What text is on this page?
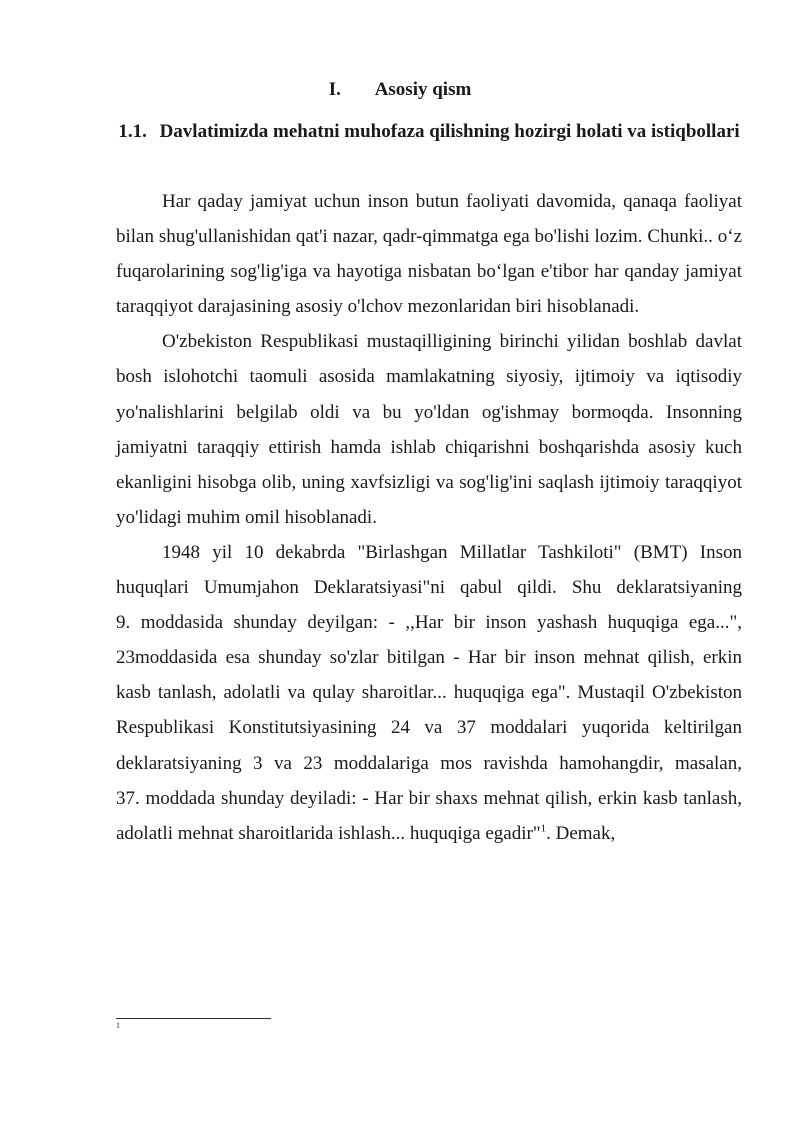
I. Asosiy qism
1.1. Davlatimizda mehatni muhofaza qilishning hozirgi holati va istiqbollari

Har qaday jamiyat uchun inson butun faoliyati davomida, qanaqa faoliyat bilan shug'ullanishidan qat'i nazar, qadr-qimmatga ega bo'lishi lozim. Chunki.. o‘z fuqarolarining sog'lig'iga va hayotiga nisbatan bo‘lgan e'tibor har qanday jamiyat taraqqiyot darajasining asosiy o'lchov mezonlaridan biri hisoblanadi.

O'zbekiston Respublikasi mustaqilligining birinchi yilidan boshlab davlat bosh islohotchi taomuli asosida mamlakatning siyosiy, ijtimoiy va iqtisodiy yo'nalishlarini belgilab oldi va bu yo'ldan og'ishmay bormoqda. Insonning jamiyatni taraqqiy ettirish hamda ishlab chiqarishni boshqarishda asosiy kuch ekanligini hisobga olib, uning xavfsizligi va sog'lig'ini saqlash ijtimoiy taraqqiyot yo'lidagi muhim omil hisoblanadi.

1948 yil 10 dekabrda "Birlashgan Millatlar Tashkiloti" (BMT) Inson huquqlari Umumjahon Deklaratsiyasi"ni qabul qildi. Shu deklaratsiyaning

9. moddasida shunday deyilgan: - ,,Har bir inson yashash huquqiga ega...", 23moddasida esa shunday so'zlar bitilgan - Har bir inson mehnat qilish, erkin kasb tanlash, adolatli va qulay sharoitlar... huquqiga ega". Mustaqil O'zbekiston Respublikasi Konstitutsiyasining 24 va 37 moddalari yuqorida keltirilgan deklaratsiyaning 3 va 23 moddalariga mos ravishda hamohangdir, masalan,

37. moddada shunday deyiladi: - Har bir shaxs mehnat qilish, erkin kasb tanlash, adolatli mehnat sharoitlarida ishlash... huquqiga egadir"$^1$. Demak,

1
